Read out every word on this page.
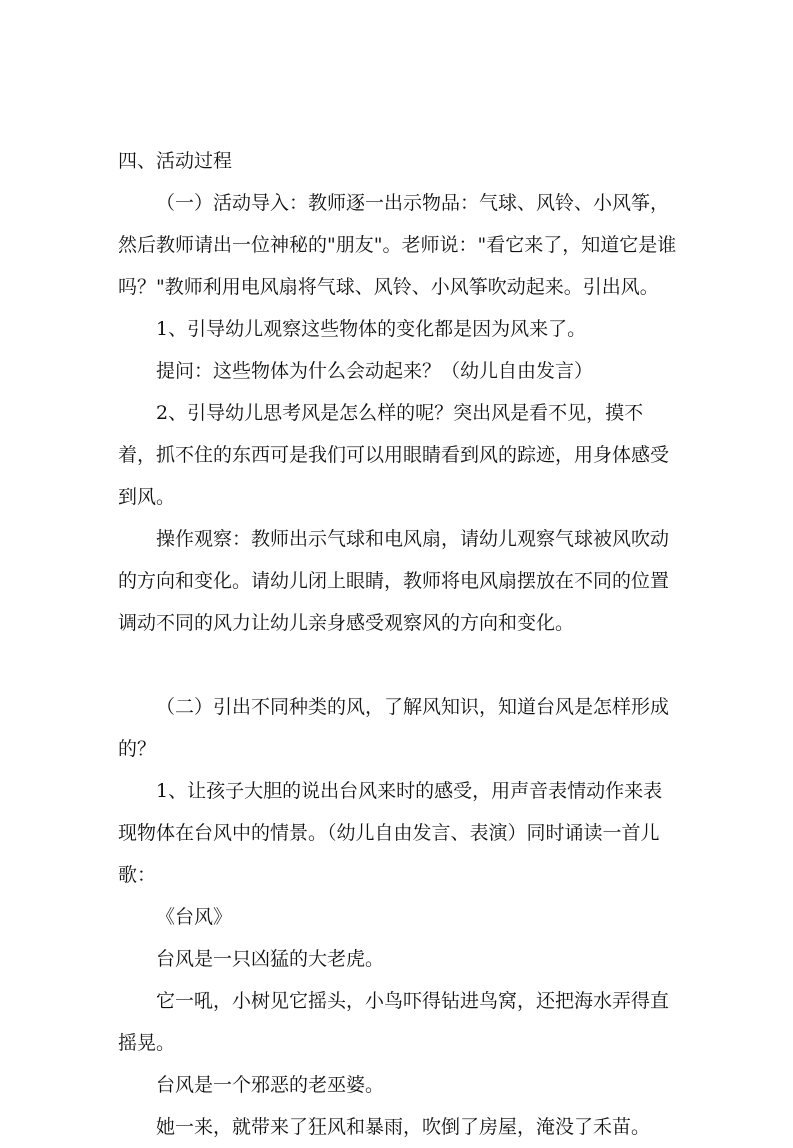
四、活动过程

（一）活动导入：教师逐一出示物品：气球、风铃、小风筝，然后教师请出一位神秘的"朋友"。老师说："看它来了，知道它是谁吗？"教师利用电风扇将气球、风铃、小风筝吹动起来。引出风。

1、引导幼儿观察这些物体的变化都是因为风来了。

提问：这些物体为什么会动起来？（幼儿自由发言）

2、引导幼儿思考风是怎么样的呢？突出风是看不见，摸不着，抓不住的东西可是我们可以用眼睛看到风的踪迹，用身体感受到风。

操作观察：教师出示气球和电风扇，请幼儿观察气球被风吹动的方向和变化。请幼儿闭上眼睛，教师将电风扇摆放在不同的位置调动不同的风力让幼儿亲身感受观察风的方向和变化。

（二）引出不同种类的风，了解风知识，知道台风是怎样形成的？

1、让孩子大胆的说出台风来时的感受，用声音表情动作来表现物体在台风中的情景。（幼儿自由发言、表演）同时诵读一首儿歌：

《台风》

台风是一只凶猛的大老虎。

它一吼，小树见它摇头，小鸟吓得钻进鸟窝，还把海水弄得直摇晃。

台风是一个邪恶的老巫婆。

她一来，就带来了狂风和暴雨，吹倒了房屋，淹没了禾苗。
